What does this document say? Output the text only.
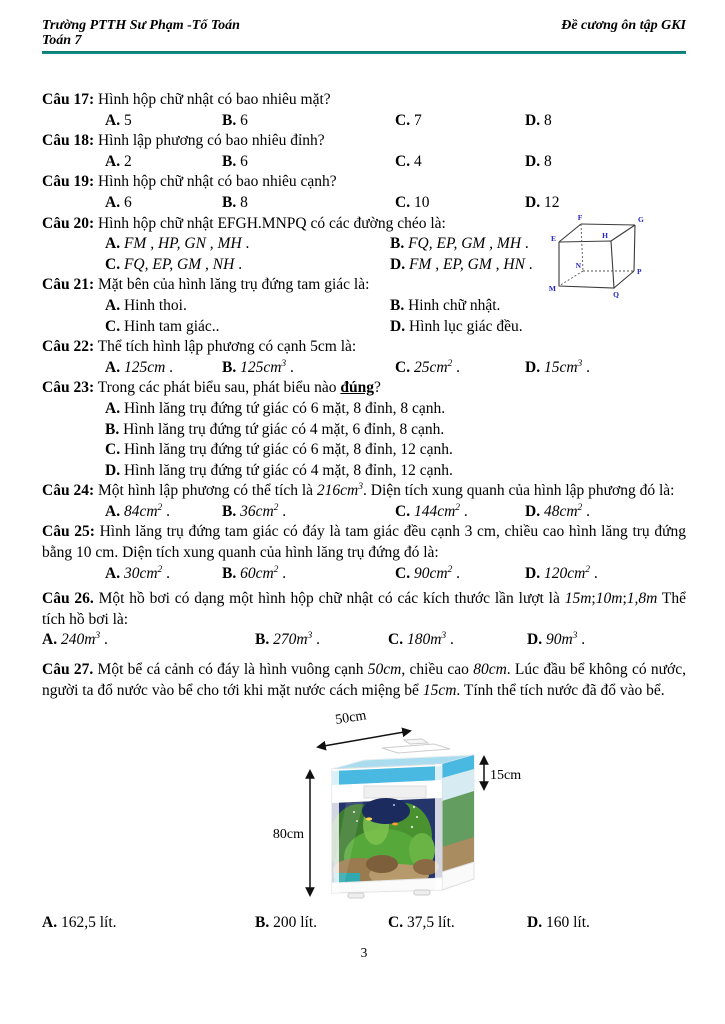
Trường PTTH Sư Phạm -Tổ Toán
Toán 7
Đề cương ôn tập GKI

Câu 17: Hình hộp chữ nhật có bao nhiêu mặt?

A. 5	B. 6	C. 7	D. 8

Câu 18: Hình lập phương có bao nhiêu đỉnh?

A. 2	B. 6	C. 4	D. 8

Câu 19: Hình hộp chữ nhật có bao nhiêu cạnh?

A. 6	B. 8	C. 10	D. 12

Câu 20: Hình hộp chữ nhật EFGH.MNPQ có các đường chéo là:

A. FM , HP, GN , MH .	B. FQ, EP, GM , MH .
C. FQ, EP, GM , NH .	D. FM , EP, GM , HN .

Câu 21: Mặt bên của hình lăng trụ đứng tam giác là:

A. Hinh thoi.	B. Hinh chữ nhật.
C. Hinh tam giác..	D. Hình lục giác đều.

Câu 22: Thể tích hình lập phương có cạnh 5cm là:

A. 125cm .	B. $125cm^3$ .	C. $25cm^2$ .	D. $15cm^3$ .

Câu 23: Trong các phát biểu sau, phát biểu nào đúng?

A. Hình lăng trụ đứng tứ giác có 6 mặt, 8 đỉnh, 8 cạnh.
B. Hình lăng trụ đứng tứ giác có 4 mặt, 6 đỉnh, 8 cạnh.
C. Hình lăng trụ đứng tứ giác có 6 mặt, 8 đỉnh, 12 cạnh.
D. Hình lăng trụ đứng tứ giác có 4 mặt, 8 đỉnh, 12 cạnh.

Câu 24: Một hình lập phương có thể tích là $216cm^3$. Diện tích xung quanh của hình lập phương đó là:

A. $84cm^2$ .	B. $36cm^2$ .	C. $144cm^2$ .	D. $48cm^2$ .

Câu 25: Hình lăng trụ đứng tam giác có đáy là tam giác đều cạnh 3 cm, chiều cao hình lăng trụ đứng bằng 10 cm. Diện tích xung quanh của hình lăng trụ đứng đó là:

A. $30cm^2$ .	B. $60cm^2$ .	C. $90cm^2$ .	D. $120cm^2$ .

Câu 26. Một hồ bơi có dạng một hình hộp chữ nhật có các kích thước lần lượt là 15m;10m;1,8m Thể tích hồ bơi là:

A. $240m^3$ .	B. $270m^3$ .	C. $180m^3$ .	D. $90m^3$ .

Câu 27. Một bể cá cảnh có đáy là hình vuông cạnh 50cm, chiều cao 80cm. Lúc đầu bể không có nước, người ta đổ nước vào bể cho tới khi mặt nước cách miệng bể 15cm. Tính thể tích nước đã đổ vào bể.

50cm
15cm
80cm
A. 162,5 lít.	B. 200 lít.	C. 37,5 lít.	D. 160 lít.
3
E
F	G
H
M
N
P
Q
